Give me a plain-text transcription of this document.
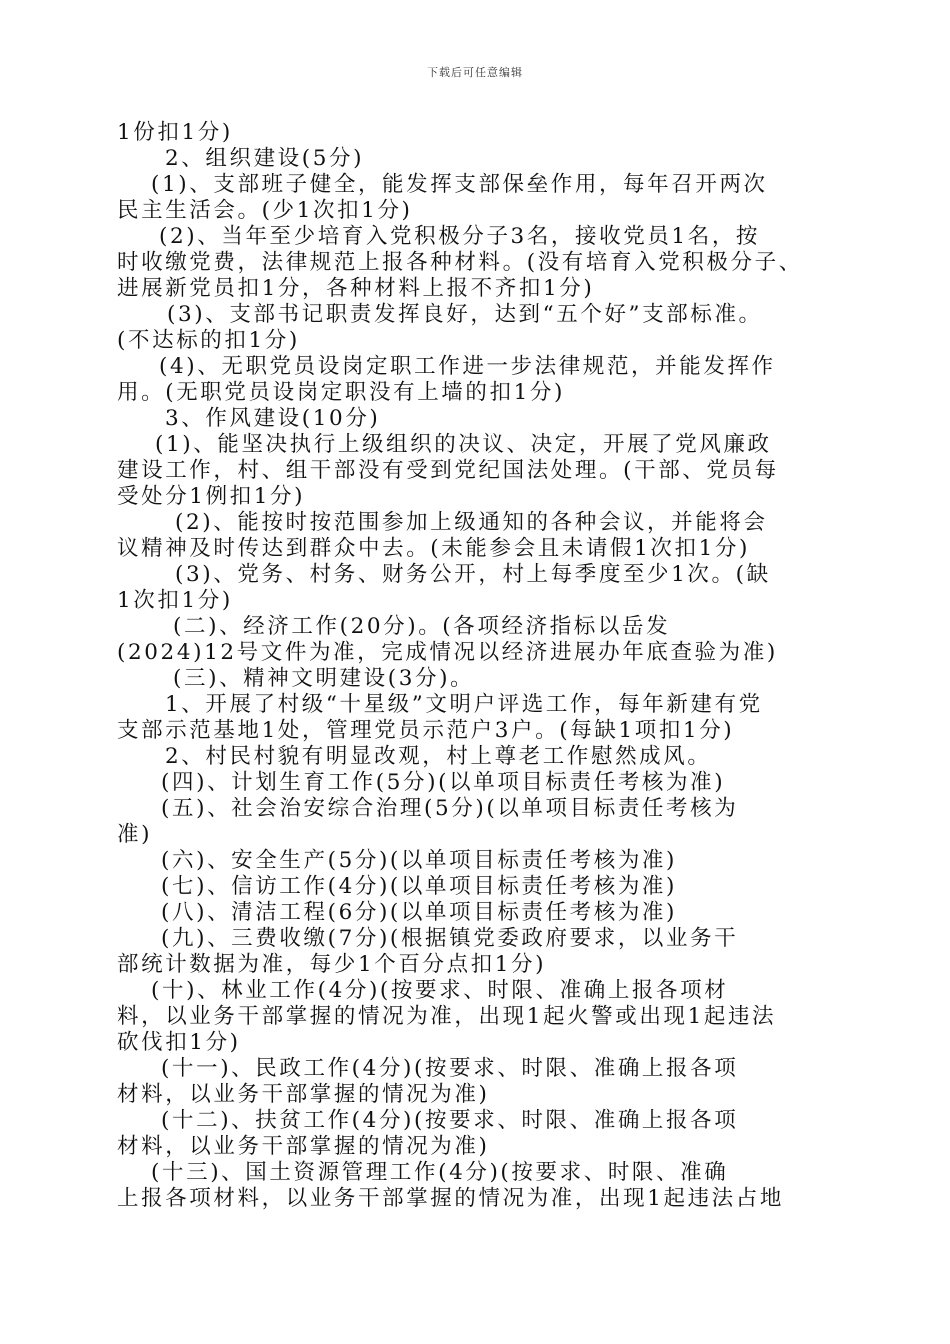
下载后可任意编辑
1份扣1分)
2、组织建设(5分)
(1)、支部班子健全，能发挥支部保垒作用，每年召开两次
民主生活会。(少1次扣1分)
(2)、当年至少培育入党积极分子3名，接收党员1名，按
时收缴党费，法律规范上报各种材料。(没有培育入党积极分子、
进展新党员扣1分，各种材料上报不齐扣1分)
(3)、支部书记职责发挥良好，达到“五个好”支部标准。
(不达标的扣1分)
(4)、无职党员设岗定职工作进一步法律规范，并能发挥作
用。(无职党员设岗定职没有上墙的扣1分)
3、作风建设(10分)
(1)、能坚决执行上级组织的决议、决定，开展了党风廉政
建设工作，村、组干部没有受到党纪国法处理。(干部、党员每
受处分1例扣1分)
(2)、能按时按范围参加上级通知的各种会议，并能将会
议精神及时传达到群众中去。(未能参会且未请假1次扣1分)
(3)、党务、村务、财务公开，村上每季度至少1次。(缺
1次扣1分)
(二)、经济工作(20分)。(各项经济指标以岳发
(2024)12号文件为准，完成情况以经济进展办年底查验为准)
(三)、精神文明建设(3分)。
1、开展了村级“十星级”文明户评选工作，每年新建有党
支部示范基地1处，管理党员示范户3户。(每缺1项扣1分)
2、村民村貌有明显改观，村上尊老工作慰然成风。
(四)、计划生育工作(5分)(以单项目标责任考核为准)
(五)、社会治安综合治理(5分)(以单项目标责任考核为
准)
(六)、安全生产(5分)(以单项目标责任考核为准)
(七)、信访工作(4分)(以单项目标责任考核为准)
(八)、清洁工程(6分)(以单项目标责任考核为准)
(九)、三费收缴(7分)(根据镇党委政府要求，以业务干
部统计数据为准，每少1个百分点扣1分)
(十)、林业工作(4分)(按要求、时限、准确上报各项材
料，以业务干部掌握的情况为准，出现1起火警或出现1起违法
砍伐扣1分)
(十一)、民政工作(4分)(按要求、时限、准确上报各项
材料，以业务干部掌握的情况为准)
(十二)、扶贫工作(4分)(按要求、时限、准确上报各项
材料，以业务干部掌握的情况为准)
(十三)、国土资源管理工作(4分)(按要求、时限、准确
上报各项材料，以业务干部掌握的情况为准，出现1起违法占地
